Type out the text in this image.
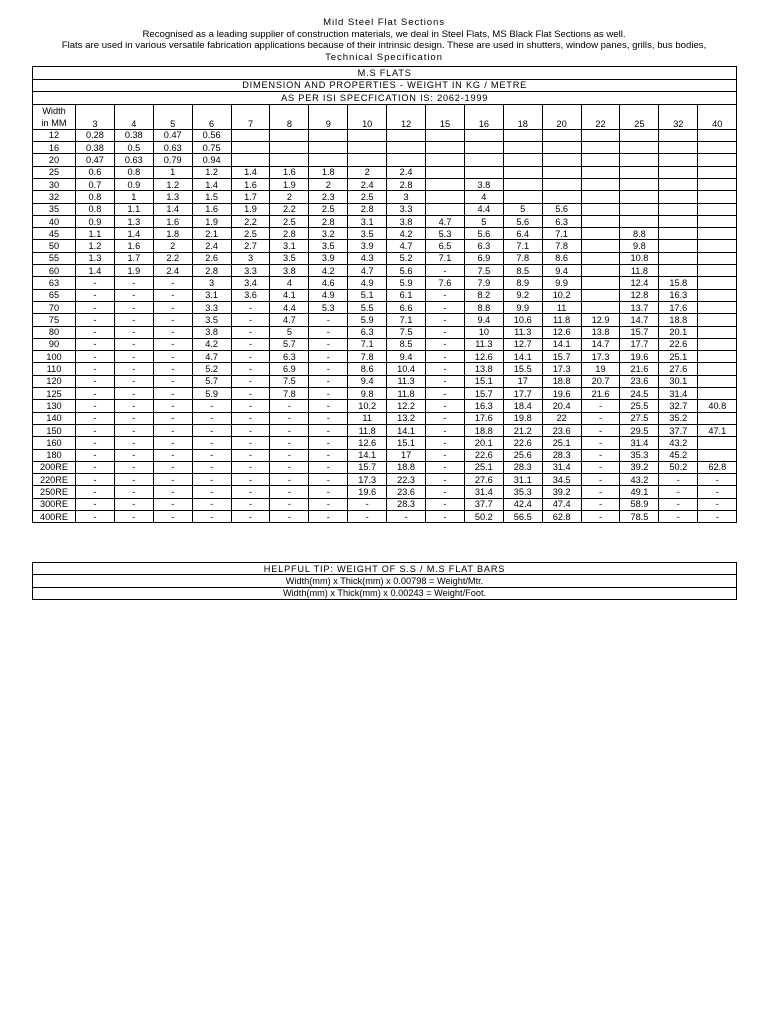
Mild Steel Flat Sections
Recognised as a leading supplier of construction materials, we deal in Steel Flats, MS Black Flat Sections as well.
Flats are used in various versatile fabrication applications because of their intrinsic design. These are used in shutters, window panes, grills, bus bodies,
Technical Specification
M.S FLATS																	
DIMENSION AND PROPERTIES - WEIGHT IN KG / METRE																	
AS PER ISI SPECFICATION IS: 2062-1999																	

Width
in MM	3	4	5	6	7	8	9	10	12	15	16	18	20	22	25	32	40
12	0.28	0.38	0.47	0.56													
16	0.38	0.5	0.63	0.75													
20	0.47	0.63	0.79	0.94													
25	0.6	0.8	1	1.2	1.4	1.6	1.8	2	2.4								
30	0.7	0.9	1.2	1.4	1.6	1.9	2	2.4	2.8		3.8						
32	0.8	1	1.3	1.5	1.7	2	2.3	2.5	3		4						
35	0.8	1.1	1.4	1.6	1.9	2.2	2.5	2.8	3.3		4.4	5	5.6				
40	0.9	1.3	1.6	1.9	2.2	2.5	2.8	3.1	3.8	4.7	5	5.6	6.3				
45	1.1	1.4	1.8	2.1	2.5	2.8	3.2	3.5	4.2	5.3	5.6	6.4	7.1		8.8		
50	1.2	1.6	2	2.4	2.7	3.1	3.5	3.9	4.7	6.5	6.3	7.1	7.8		9.8		
55	1.3	1.7	2.2	2.6	3	3.5	3.9	4.3	5.2	7.1	6.9	7.8	8.6		10.8		
60	1.4	1.9	2.4	2.8	3.3	3.8	4.2	4.7	5.6	-	7.5	8.5	9.4		11.8		
63	-	-	-	3	3.4	4	4.6	4.9	5.9	7.6	7.9	8.9	9.9		12.4	15.8	
65	-	-	-	3.1	3.6	4.1	4.9	5.1	6.1	-	8.2	9.2	10.2		12.8	16.3	
70	-	-	-	3.3	-	4.4	5.3	5.5	6.6	-	8.8	9.9	11		13.7	17.6	
75	-	-	-	3.5	-	4.7	-	5.9	7.1	-	9.4	10.6	11.8	12.9	14.7	18.8	
80	-	-	-	3.8	-	5	-	6.3	7.5	-	10	11.3	12.6	13.8	15.7	20.1	
90	-	-	-	4.2	-	5.7	-	7.1	8.5	-	11.3	12.7	14.1	14.7	17.7	22.6	
100	-	-	-	4.7	-	6.3	-	7.8	9.4	-	12.6	14.1	15.7	17.3	19.6	25.1	
110	-	-	-	5.2	-	6.9	-	8.6	10.4	-	13.8	15.5	17.3	19	21.6	27.6	
120	-	-	-	5.7	-	7.5	-	9.4	11.3	-	15.1	17	18.8	20.7	23.6	30.1	
125	-	-	-	5.9	-	7.8	-	9.8	11.8	-	15.7	17.7	19.6	21.6	24.5	31.4	
130	-	-	-	-	-	-	-	10.2	12.2	-	16.3	18.4	20.4	-	25.5	32.7	40.8
140	-	-	-	-	-	-	-	11	13.2	-	17.6	19.8	22	-	27.5	35.2	
150	-	-	-	-	-	-	-	11.8	14.1	-	18.8	21.2	23.6	-	29.5	37.7	47.1
160	-	-	-	-	-	-	-	12.6	15.1	-	20.1	22.6	25.1	-	31.4	43.2	
180	-	-	-	-	-	-	-	14.1	17	-	22.6	25.6	28.3	-	35.3	45.2	
200RE	-	-	-	-	-	-	-	15.7	18.8	-	25.1	28.3	31.4	-	39.2	50.2	62.8
220RE	-	-	-	-	-	-	-	17.3	22.3	-	27.6	31.1	34.5	-	43.2	-	-
250RE	-	-	-	-	-	-	-	19.6	23.6	-	31.4	35.3	39.2	-	49.1	-	-
300RE	-	-	-	-	-	-	-	-	28.3	-	37.7	42.4	47.4	-	58.9	-	-
400RE	-	-	-	-	-	-	-	-	-	-	50.2	56.5	62.8	-	78.5	-	-
HELPFUL TIP: WEIGHT OF S.S / M.S FLAT BARS
Width(mm) x Thick(mm) x 0.00798 = Weight/Mtr.
Width(mm) x Thick(mm) x 0.00243 = Weight/Foot.
